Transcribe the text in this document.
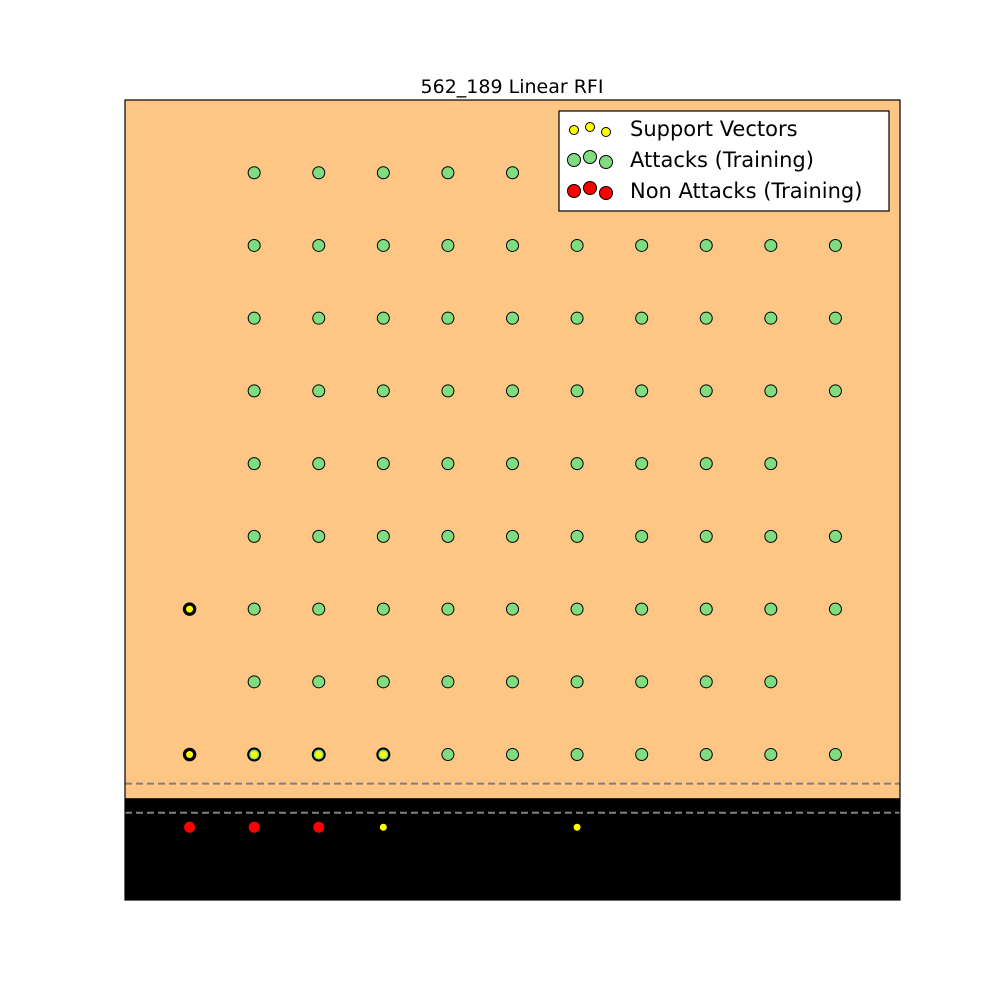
562_189 Linear RFI
Support Vectors
Attacks (Training)
Non Attacks (Training)
